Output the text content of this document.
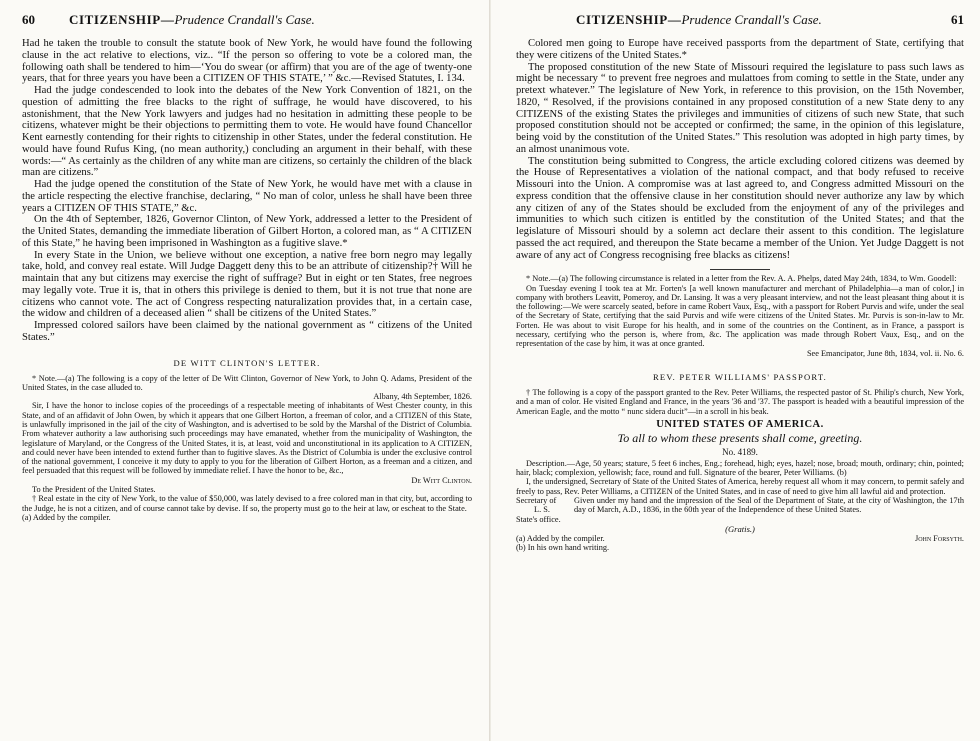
60	CITIZENSHIP—Prudence Crandall's Case.

Had he taken the trouble to consult the statute book of New York, he would have found the following clause in the act relative to elections, viz.. “If the person so offering to vote be a colored man, the following oath shall be tendered to him—‘You do swear (or affirm) that you are of the age of twenty-one years, that for three years you have been a CITIZEN OF THIS STATE,’ ” &c.—Revised Statutes, I. 134.

Had the judge condescended to look into the debates of the New York Convention of 1821, on the question of admitting the free blacks to the right of suffrage, he would have discovered, to his astonishment, that the New York lawyers and judges had no hesitation in admitting these people to be citizens, whatever might be their objections to permitting them to vote. He would have found Chancellor Kent earnestly contending for their rights to citizenship in other States, under the federal constitution. He would have found Rufus King, (no mean authority,) concluding an argument in their behalf, with these words:—“ As certainly as the children of any white man are citizens, so certainly the children of the black man are citizens.”

Had the judge opened the constitution of the State of New York, he would have met with a clause in the article respecting the elective franchise, declaring, “ No man of color, unless he shall have been three years a CITIZEN OF THIS STATE,” &c.

On the 4th of September, 1826, Governor Clinton, of New York, addressed a letter to the President of the United States, demanding the immediate liberation of Gilbert Horton, a colored man, as “ A CITIZEN of this State,” he having been imprisoned in Washington as a fugitive slave.*

In every State in the Union, we believe without one exception, a native free born negro may legally take, hold, and convey real estate. Will Judge Daggett deny this to be an attribute of citizenship?† Will he maintain that any but citizens may exercise the right of suffrage? But in eight or ten States, free negroes may legally vote. True it is, that in others this privilege is denied to them, but it is not true that none are citizens who cannot vote. The act of Congress respecting naturalization provides that, in a certain case, the widow and children of a deceased alien “ shall be citizens of the United States.”

Impressed colored sailors have been claimed by the national government as “ citizens of the United States.”

DE WITT CLINTON'S LETTER.

* Note.—(a) The following is a copy of the letter of De Witt Clinton, Governor of New York, to John Q. Adams, President of the United States, in the case alluded to.

Albany, 4th September, 1826.

Sir, I have the honor to inclose copies of the proceedings of a respectable meeting of inhabitants of West Chester county, in this State, and of an affidavit of John Owen, by which it appears that one Gilbert Horton, a freeman of color, and a CITIZEN of this State, is unlawfully imprisoned in the jail of the city of Washington, and is advertised to be sold by the Marshal of the District of Columbia. From whatever authority a law authorising such proceedings may have emanated, whether from the municipality of Washington, the legislature of Maryland, or the Congress of the United States, it is, at least, void and unconstitutional in its application to A CITIZEN, and could never have been intended to extend further than to fugitive slaves. As the District of Columbia is under the exclusive control of the national government, I conceive it my duty to apply to you for the liberation of Gilbert Horton, as a freeman and a citizen, and feel persuaded that this request will be followed by immediate relief. I have the honor to be, &c.,

De Witt Clinton.

To the President of the United States.

† Real estate in the city of New York, to the value of $50,000, was lately devised to a free colored man in that city, but, according to the Judge, he is not a citizen, and of course cannot take by devise. If so, the property must go to the heir at law, or escheat to the State.

(a) Added by the compiler.

CITIZENSHIP—Prudence Crandall's Case.	61

Colored men going to Europe have received passports from the department of State, certifying that they were citizens of the United States.*

The proposed constitution of the new State of Missouri required the legislature to pass such laws as might be necessary “ to prevent free negroes and mulattoes from coming to settle in the State, under any pretext whatever.” The legislature of New York, in reference to this provision, on the 15th November, 1820, “ Resolved, if the provisions contained in any proposed constitution of a new State deny to any CITIZENS of the existing States the privileges and immunities of citizens of such new State, that such proposed constitution should not be accepted or confirmed; the same, in the opinion of this legislature, being void by the constitution of the United States.” This resolution was adopted in high party times, by an almost unanimous vote.

The constitution being submitted to Congress, the article excluding colored citizens was deemed by the House of Representatives a violation of the national compact, and that body refused to receive Missouri into the Union. A compromise was at last agreed to, and Congress admitted Missouri on the express condition that the offensive clause in her constitution should never authorize any law by which any citizen of any of the States should be excluded from the enjoyment of any of the privileges and immunities to which such citizen is entitled by the constitution of the United States; and that the legislature of Missouri should by a solemn act declare their assent to this condition. The legislature passed the act required, and thereupon the State became a member of the Union. Yet Judge Daggett is not aware of any act of Congress recognising free blacks as citizens!

* Note.—(a) The following circumstance is related in a letter from the Rev. A. A. Phelps, dated May 24th, 1834, to Wm. Goodell:

On Tuesday evening I took tea at Mr. Forten's [a well known manufacturer and merchant of Philadelphia—a man of color,] in company with brothers Leavitt, Pomeroy, and Dr. Lansing. It was a very pleasant interview, and not the least pleasant thing about it is the following:—We were scarcely seated, before in came Robert Vaux, Esq., with a passport for Robert Purvis and wife, under the seal of the Secretary of State, certifying that the said Purvis and wife were citizens of the United States. Mr. Purvis is son-in-law to Mr. Forten. He was about to visit Europe for his health, and in some of the countries on the Continent, as in France, a passport is necessary, certifying who the person is, where from, &c. The application was made through Robert Vaux, Esq., and on the representation of the case by him, it was at once granted.

See Emancipator, June 8th, 1834, vol. ii. No. 6.

REV. PETER WILLIAMS' PASSPORT.

† The following is a copy of the passport granted to the Rev. Peter Williams, the respected pastor of St. Philip's church, New York, and a man of color. He visited England and France, in the years '36 and '37. The passport is headed with a beautiful impression of the American Eagle, and the motto “ nunc sidera ducit”—in a scroll in his beak.

UNITED STATES OF AMERICA.
To all to whom these presents shall come, greeting.
No. 4189.

Description.—Age, 50 years; stature, 5 feet 6 inches, Eng.; forehead, high; eyes, hazel; nose, broad; mouth, ordinary; chin, pointed; hair, black; complexion, yellowish; face, round and full. Signature of the bearer, Peter Williams. (b)

I, the undersigned, Secretary of State of the United States of America, hereby request all whom it may concern, to permit safely and freely to pass, Rev. Peter Williams, a CITIZEN of the United States, and in case of need to give him all lawful aid and protection.

Secretary of
L. S.
State's office.
Given under my hand and the impression of the Seal of the Department of State, at the city of Washington, the 17th day of March, A.D., 1836, in the 60th year of the Independence of these United States.
(Gratis.)
(a) Added by the compiler.
(b) In his own hand writing.
John Forsyth.
